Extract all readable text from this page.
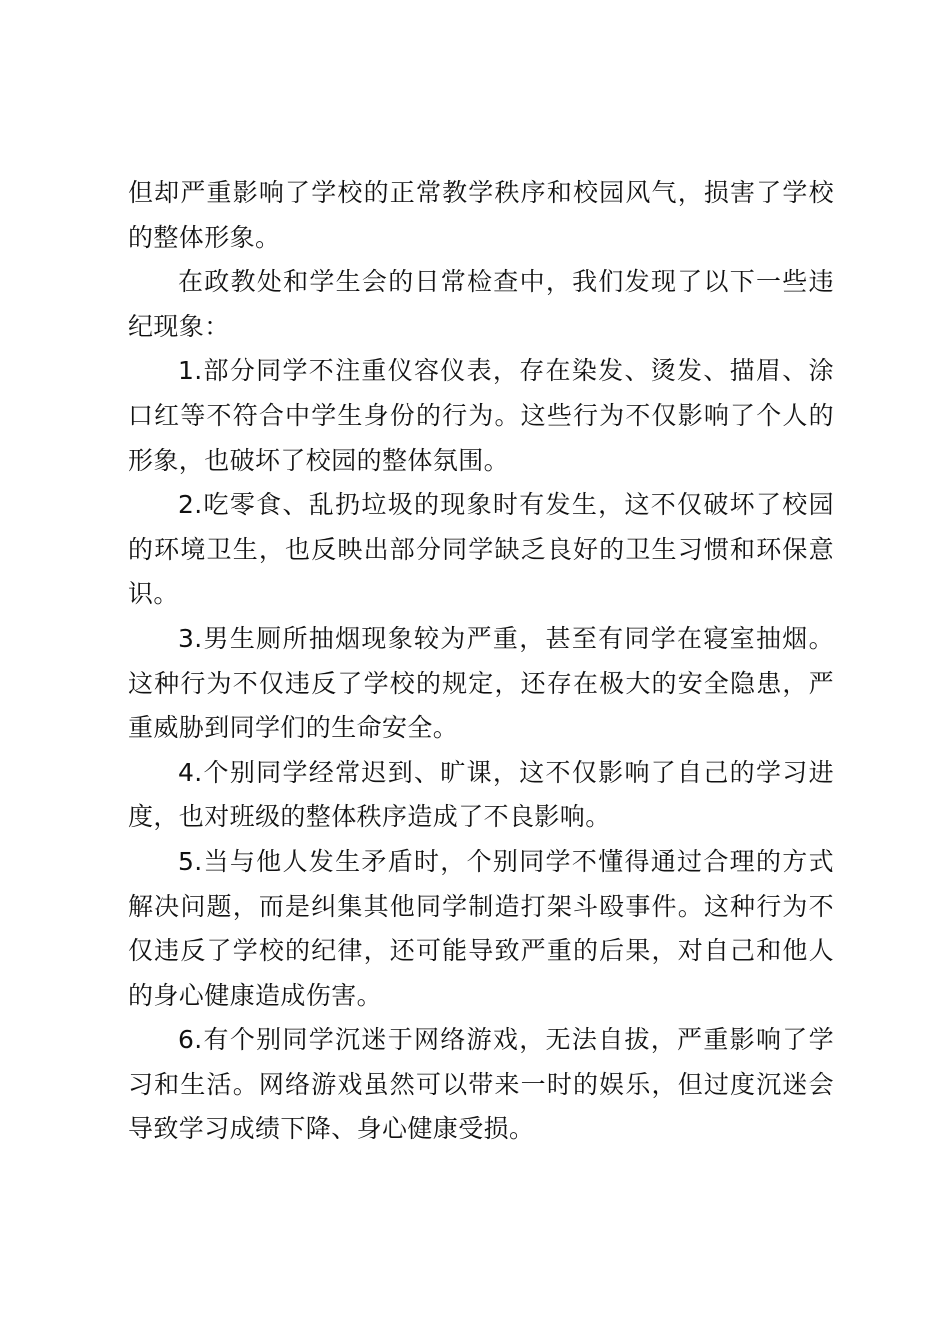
但却严重影响了学校的正常教学秩序和校园风气，损害了学校的整体形象。

在政教处和学生会的日常检查中，我们发现了以下一些违纪现象：

1.部分同学不注重仪容仪表，存在染发、烫发、描眉、涂口红等不符合中学生身份的行为。这些行为不仅影响了个人的形象，也破坏了校园的整体氛围。

2.吃零食、乱扔垃圾的现象时有发生，这不仅破坏了校园的环境卫生，也反映出部分同学缺乏良好的卫生习惯和环保意识。

3.男生厕所抽烟现象较为严重，甚至有同学在寝室抽烟。这种行为不仅违反了学校的规定，还存在极大的安全隐患，严重威胁到同学们的生命安全。

4.个别同学经常迟到、旷课，这不仅影响了自己的学习进度，也对班级的整体秩序造成了不良影响。

5.当与他人发生矛盾时，个别同学不懂得通过合理的方式解决问题，而是纠集其他同学制造打架斗殴事件。这种行为不仅违反了学校的纪律，还可能导致严重的后果，对自己和他人的身心健康造成伤害。

6.有个别同学沉迷于网络游戏，无法自拔，严重影响了学习和生活。网络游戏虽然可以带来一时的娱乐，但过度沉迷会导致学习成绩下降、身心健康受损。
